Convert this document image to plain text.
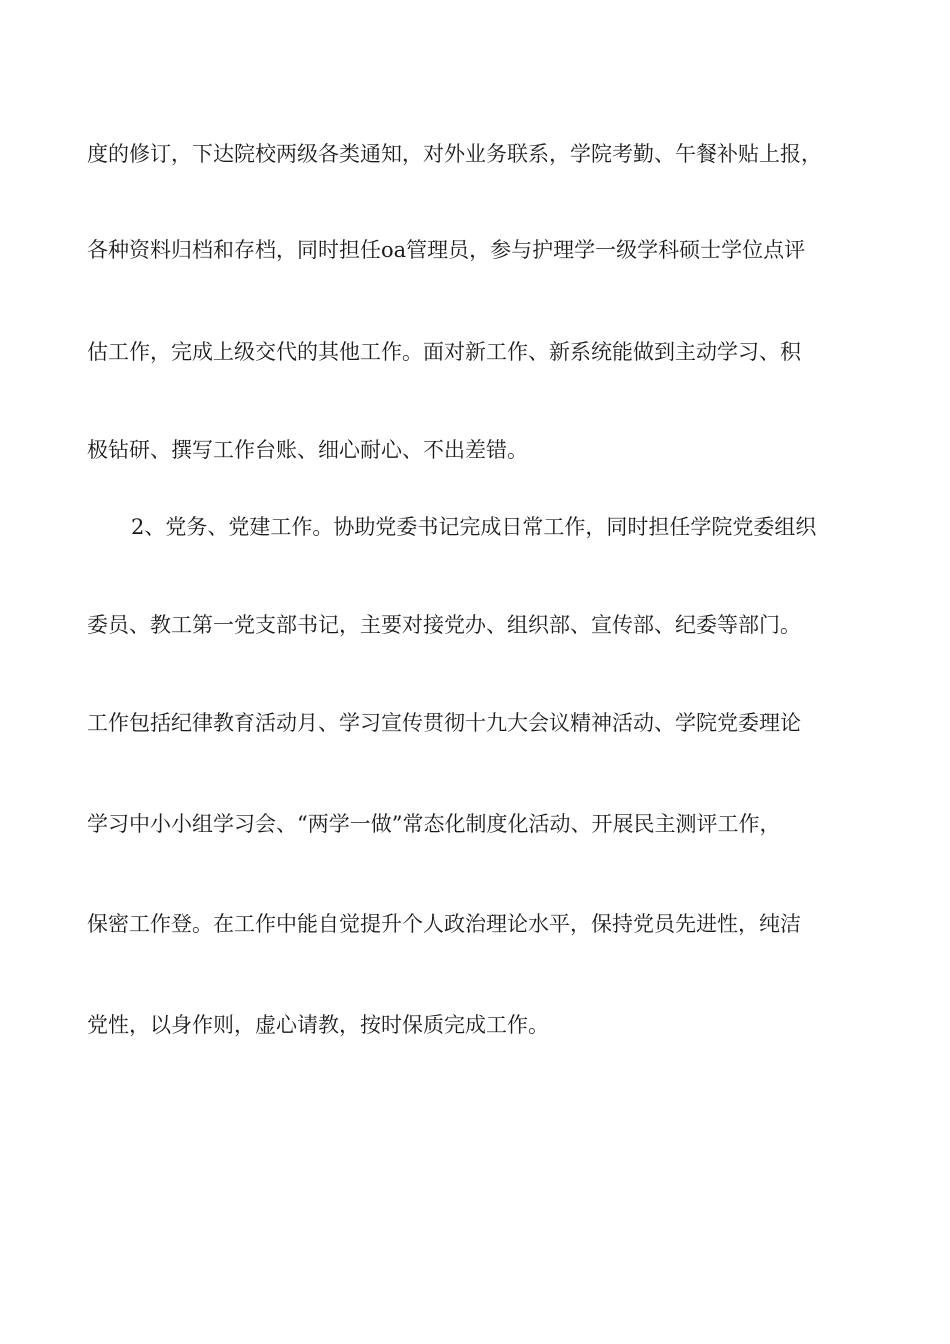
度的修订，下达院校两级各类通知，对外业务联系，学院考勤、午餐补贴上报，
各种资料归档和存档，同时担任oa管理员，参与护理学一级学科硕士学位点评
估工作，完成上级交代的其他工作。面对新工作、新系统能做到主动学习、积
极钻研、撰写工作台账、细心耐心、不出差错。
2、党务、党建工作。协助党委书记完成日常工作，同时担任学院党委组织
委员、教工第一党支部书记，主要对接党办、组织部、宣传部、纪委等部门。
工作包括纪律教育活动月、学习宣传贯彻十九大会议精神活动、学院党委理论
学习中小小组学习会、“两学一做”常态化制度化活动、开展民主测评工作，
保密工作登。在工作中能自觉提升个人政治理论水平，保持党员先进性，纯洁
党性，以身作则，虚心请教，按时保质完成工作。
